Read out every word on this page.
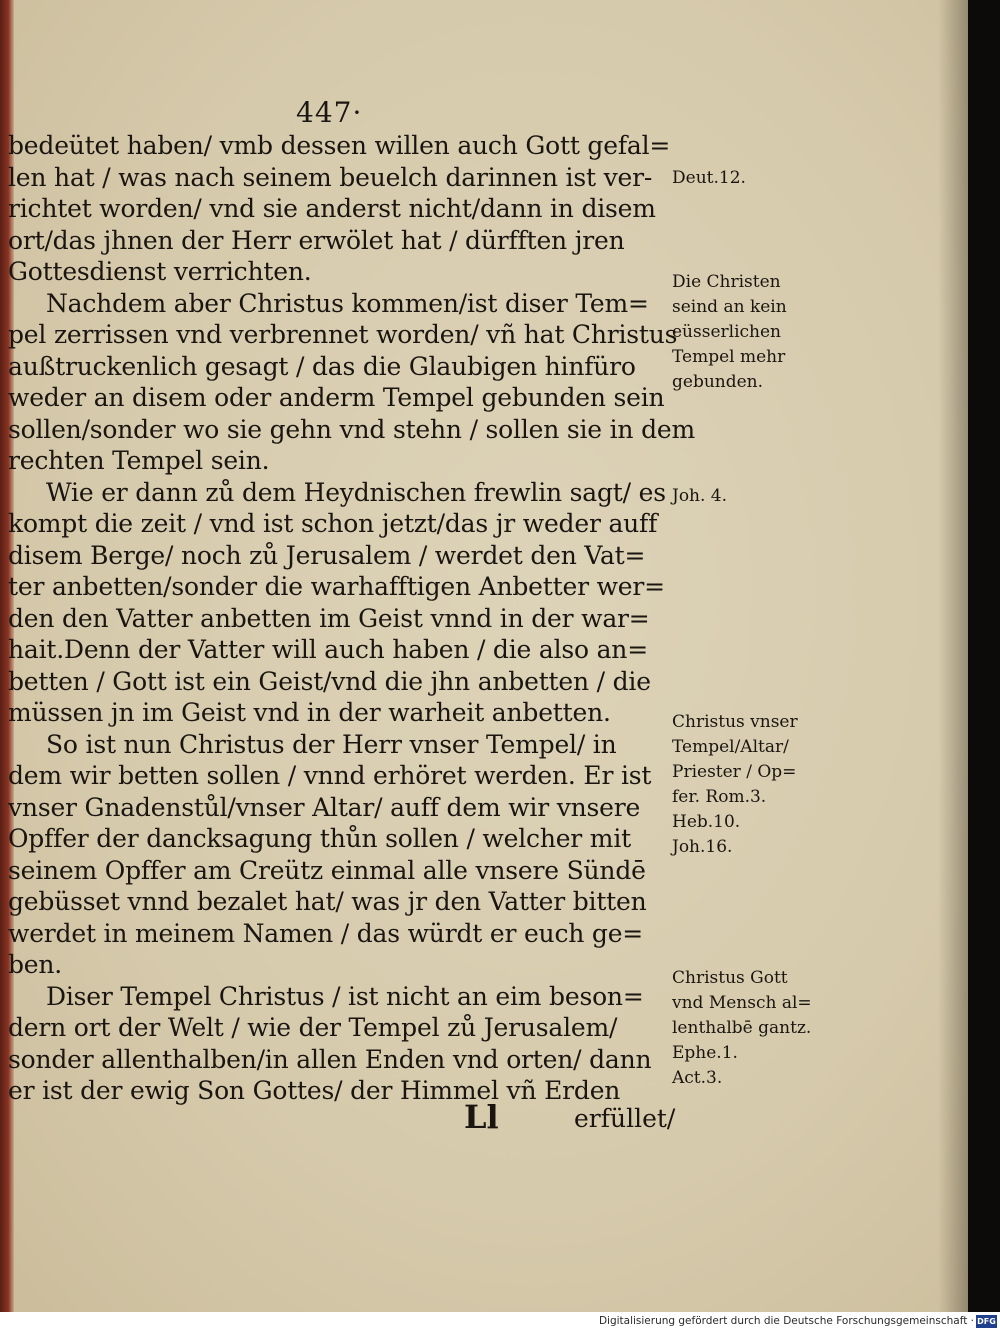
447·
bedeütet haben/ vmb dessen willen auch Gott gefal=
len hat / was nach seinem beuelch darinnen ist ver-
richtet worden/ vnd sie anderst nicht/dann in disem
ort/das jhnen der Herr erwölet hat / dürfften jren
Gottesdienst verrichten.
Nachdem aber Christus kommen/ist diser Tem=
pel zerrissen vnd verbrennet worden/ vñ hat Christus
außtruckenlich gesagt / das die Glaubigen hinfüro
weder an disem oder anderm Tempel gebunden sein
sollen/sonder wo sie gehn vnd stehn / sollen sie in dem
rechten Tempel sein.
Wie er dann zů dem Heydnischen frewlin sagt/ es
kompt die zeit / vnd ist schon jetzt/das jr weder auff
disem Berge/ noch zů Jerusalem / werdet den Vat=
ter anbetten/sonder die warhafftigen Anbetter wer=
den den Vatter anbetten im Geist vnnd in der war=
hait.Denn der Vatter will auch haben / die also an=
betten / Gott ist ein Geist/vnd die jhn anbetten / die
müssen jn im Geist vnd in der warheit anbetten.
So ist nun Christus der Herr vnser Tempel/ in
dem wir betten sollen / vnnd erhöret werden. Er ist
vnser Gnadenstůl/vnser Altar/ auff dem wir vnsere
Opffer der dancksagung thůn sollen / welcher mit
seinem Opffer am Creütz einmal alle vnsere Sündē
gebüsset vnnd bezalet hat/ was jr den Vatter bitten
werdet in meinem Namen / das würdt er euch ge=
ben.
Diser Tempel Christus / ist nicht an eim beson=
dern ort der Welt / wie der Tempel zů Jerusalem/
sonder allenthalben/in allen Enden vnd orten/ dann
er ist der ewig Son Gottes/ der Himmel vñ Erden

Deut.12.

Die Christen

seind an kein

eüsserlichen

Tempel mehr

gebunden.

Joh. 4.

Christus vnser

Tempel/Altar/

Priester / Op=

fer. Rom.3.

Heb.10.

Joh.16.

Christus Gott

vnd Mensch al=

lenthalbē gantz.

Ephe.1.

Act.3.

Ll	erfüllet/
Digitalisierung gefördert durch die Deutsche Forschungsgemeinschaft · DFG
